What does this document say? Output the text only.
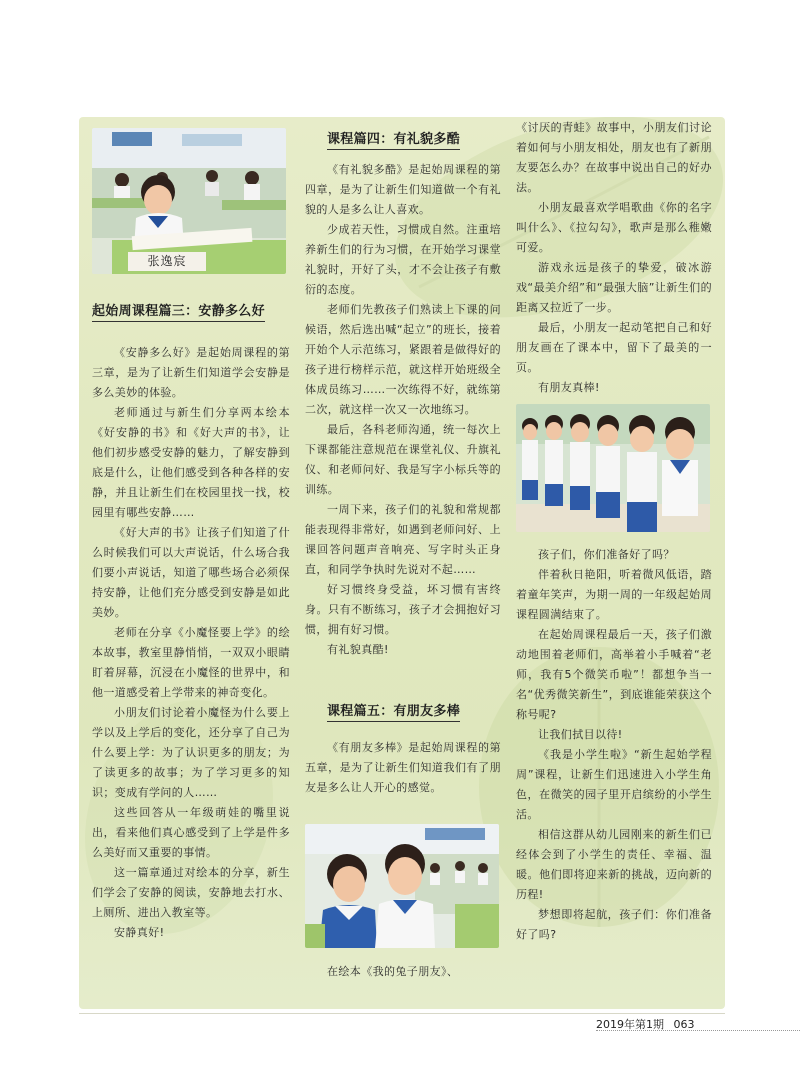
张逸宸
起始周课程篇三：安静多么好

《安静多么好》是起始周课程的第三章，是为了让新生们知道学会安静是多么美妙的体验。

老师通过与新生们分享两本绘本《好安静的书》和《好大声的书》，让他们初步感受安静的魅力，了解安静到底是什么，让他们感受到各种各样的安静，并且让新生们在校园里找一找，校园里有哪些安静……

《好大声的书》让孩子们知道了什么时候我们可以大声说话，什么场合我们要小声说话，知道了哪些场合必须保持安静，让他们充分感受到安静是如此美妙。

老师在分享《小魔怪要上学》的绘本故事，教室里静悄悄，一双双小眼睛盯着屏幕，沉浸在小魔怪的世界中，和他一道感受着上学带来的神奇变化。

小朋友们讨论着小魔怪为什么要上学以及上学后的变化，还分享了自己为什么要上学：为了认识更多的朋友；为了读更多的故事；为了学习更多的知识；变成有学问的人……

这些回答从一年级萌娃的嘴里说出，看来他们真心感受到了上学是件多么美好而又重要的事情。

这一篇章通过对绘本的分享，新生们学会了安静的阅读，安静地去打水、上厕所、进出入教室等。

安静真好!

课程篇四：有礼貌多酷

《有礼貌多酷》是起始周课程的第四章，是为了让新生们知道做一个有礼貌的人是多么让人喜欢。

少成若天性，习惯成自然。注重培养新生们的行为习惯，在开始学习课堂礼貌时，开好了头，才不会让孩子有敷衍的态度。

老师们先教孩子们熟读上下课的问候语，然后选出喊“起立”的班长，接着开始个人示范练习，紧跟着是做得好的孩子进行榜样示范，就这样开始班级全体成员练习……一次练得不好，就练第二次，就这样一次又一次地练习。

最后，各科老师沟通，统一每次上下课都能注意规范在课堂礼仪、升旗礼仪、和老师问好、我是写字小标兵等的训练。

一周下来，孩子们的礼貌和常规都能表现得非常好，如遇到老师问好、上课回答问题声音响亮、写字时头正身直，和同学争执时先说对不起……

好习惯终身受益，坏习惯有害终身。只有不断练习，孩子才会拥抱好习惯，拥有好习惯。

有礼貌真酷!

课程篇五：有朋友多棒

《有朋友多棒》是起始周课程的第五章，是为了让新生们知道我们有了朋友是多么让人开心的感觉。

在绘本《我的兔子朋友》、

《讨厌的青蛙》故事中，小朋友们讨论着如何与小朋友相处，朋友也有了新朋友要怎么办？在故事中说出自己的好办法。

小朋友最喜欢学唱歌曲《你的名字叫什么》、《拉勾勾》，歌声是那么稚嫩可爱。

游戏永远是孩子的挚爱，破冰游戏“最美介绍”和“最强大脑”让新生们的距离又拉近了一步。

最后，小朋友一起动笔把自己和好朋友画在了课本中，留下了最美的一页。

有朋友真棒!

孩子们，你们准备好了吗？

伴着秋日艳阳，听着微风低语，踏着童年笑声，为期一周的一年级起始周课程圆满结束了。

在起始周课程最后一天，孩子们激动地围着老师们，高举着小手喊着“老师，我有5个微笑币啦”！都想争当一名“优秀微笑新生”，到底谁能荣获这个称号呢?

让我们拭目以待!

《我是小学生啦》“新生起始学程周”课程，让新生们迅速进入小学生角色，在微笑的园子里开启缤纷的小学生活。

相信这群从幼儿园刚来的新生们已经体会到了小学生的责任、幸福、温暖。他们即将迎来新的挑战，迈向新的历程!

梦想即将起航，孩子们：你们准备好了吗?

2019年第1期 063
